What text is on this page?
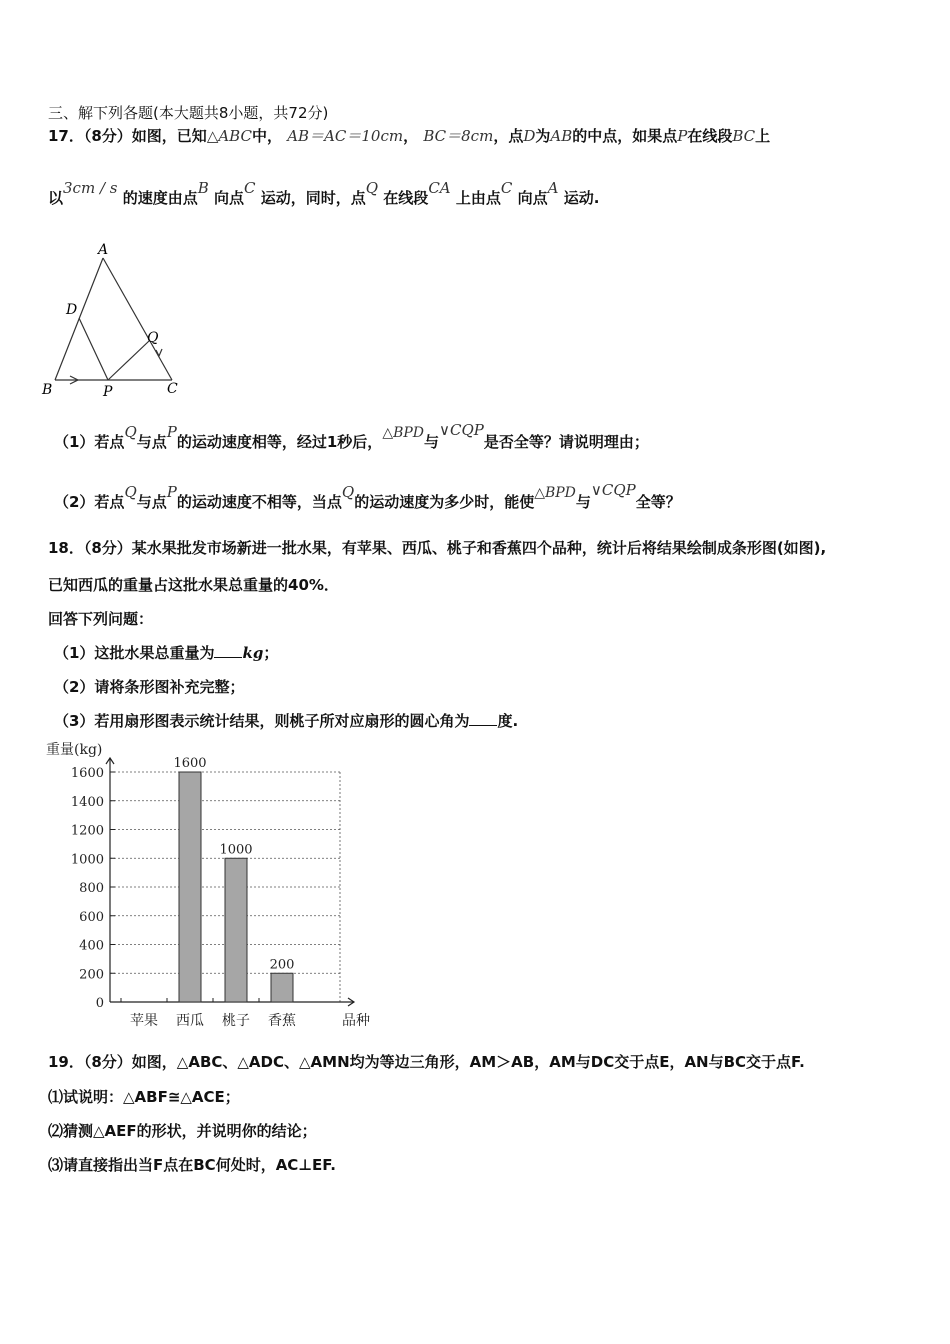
三、解下列各题(本大题共8小题，共72分)
17．（8分）如图，已知△ABC中， AB＝AC＝10cm， BC＝8cm，点D为AB的中点，如果点P在线段BC上
以3cm / s 的速度由点B 向点C 运动，同时，点Q 在线段CA 上由点C 向点A 运动.
A
B	C
D
P
Q
（1）若点Q与点P的运动速度相等，经过1秒后，△BPD与∨CQP是否全等？请说明理由；
（2）若点Q与点P的运动速度不相等，当点Q的运动速度为多少时，能使△BPD与∨CQP全等？
18．（8分）某水果批发市场新进一批水果，有苹果、西瓜、桃子和香蕉四个品种，统计后将结果绘制成条形图(如图),
已知西瓜的重量占这批水果总重量的40%．
回答下列问题：
（1）这批水果总重量为 kg；
（2）请将条形图补充完整；
（3）若用扇形图表示统计结果，则桃子所对应扇形的圆心角为 度.
重量(kg)
0
200
400
600
800
1000
1200
1400
1600
苹果 西瓜
1600
桃子
1000
香蕉
200
品种
19．（8分）如图，△ABC、△ADC、△AMN均为等边三角形，AM＞AB，AM与DC交于点E，AN与BC交于点F.
⑴试说明：△ABF≅△ACE；
⑵猜测△AEF的形状，并说明你的结论；
⑶请直接指出当F点在BC何处时，AC⊥EF.
